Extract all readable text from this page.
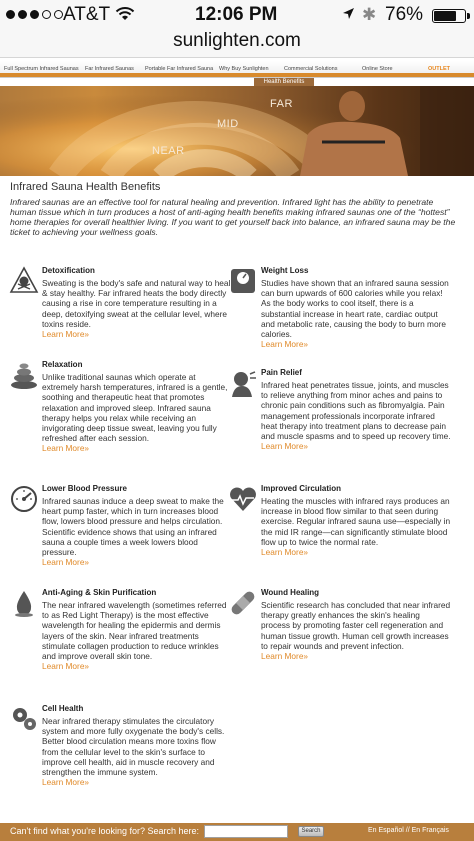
AT&T	12:06 PM	✱ 76%
sunlighten.com
Full Spectrum Infrared Saunas Far Infrared Saunas Portable Far Infrared Sauna Why Buy Sunlighten	Commercial Solutions	Online Store	OUTLET
Health Benefits
FAR
MID
NEAR
Infrared Sauna Health Benefits
Infrared saunas are an effective tool for natural healing and prevention. Infrared light has the ability to penetrate human tissue which in turn produces a host of anti-aging health benefits making infrared saunas one of the “hottest” home therapies for overall healthier living. If you want to get yourself back into balance, an infrared sauna may be the ticket to achieving your wellness goals.
Detoxification
Sweating is the body's safe and natural way to heal & stay healthy. Far infrared heats the body directly causing a rise in core temperature resulting in a deep, detoxifying sweat at the cellular level, where toxins reside.
Learn More»
Weight Loss
Studies have shown that an infrared sauna session can burn upwards of 600 calories while you relax! As the body works to cool itself, there is a substantial increase in heart rate, cardiac output and metabolic rate, causing the body to burn more calories.
Learn More»
Relaxation
Unlike traditional saunas which operate at extremely harsh temperatures, infrared is a gentle, soothing and therapeutic heat that promotes relaxation and improved sleep. Infrared sauna therapy helps you relax while receiving an invigorating deep tissue sweat, leaving you fully refreshed after each session.
Learn More»
Pain Relief
Infrared heat penetrates tissue, joints, and muscles to relieve anything from minor aches and pains to chronic pain conditions such as fibromyalgia. Pain management professionals incorporate infrared heat therapy into treatment plans to decrease pain and muscle spasms and to speed up recovery time.
Learn More»
Lower Blood Pressure
Infrared saunas induce a deep sweat to make the heart pump faster, which in turn increases blood flow, lowers blood pressure and helps circulation. Scientific evidence shows that using an infrared sauna a couple times a week lowers blood pressure.
Learn More»
Improved Circulation
Heating the muscles with infrared rays produces an increase in blood flow similar to that seen during exercise. Regular infrared sauna use—especially in the mid IR range—can significantly stimulate blood flow up to twice the normal rate.
Learn More»
Anti-Aging & Skin Purification
The near infrared wavelength (sometimes referred to as Red Light Therapy) is the most effective wavelength for healing the epidermis and dermis layers of the skin. Near infrared treatments stimulate collagen production to reduce wrinkles and improve overall skin tone.
Learn More»
Wound Healing
Scientific research has concluded that near infrared therapy greatly enhances the skin's healing process by promoting faster cell regeneration and human tissue growth. Human cell growth increases to repair wounds and prevent infection.
Learn More»
Cell Health
Near infrared therapy stimulates the circulatory system and more fully oxygenate the body's cells. Better blood circulation means more toxins flow from the cellular level to the skin's surface to improve cell health, aid in muscle recovery and strengthen the immune system.
Learn More»
Can't find what you're looking for? Search here:	Search	En Español // En Français
